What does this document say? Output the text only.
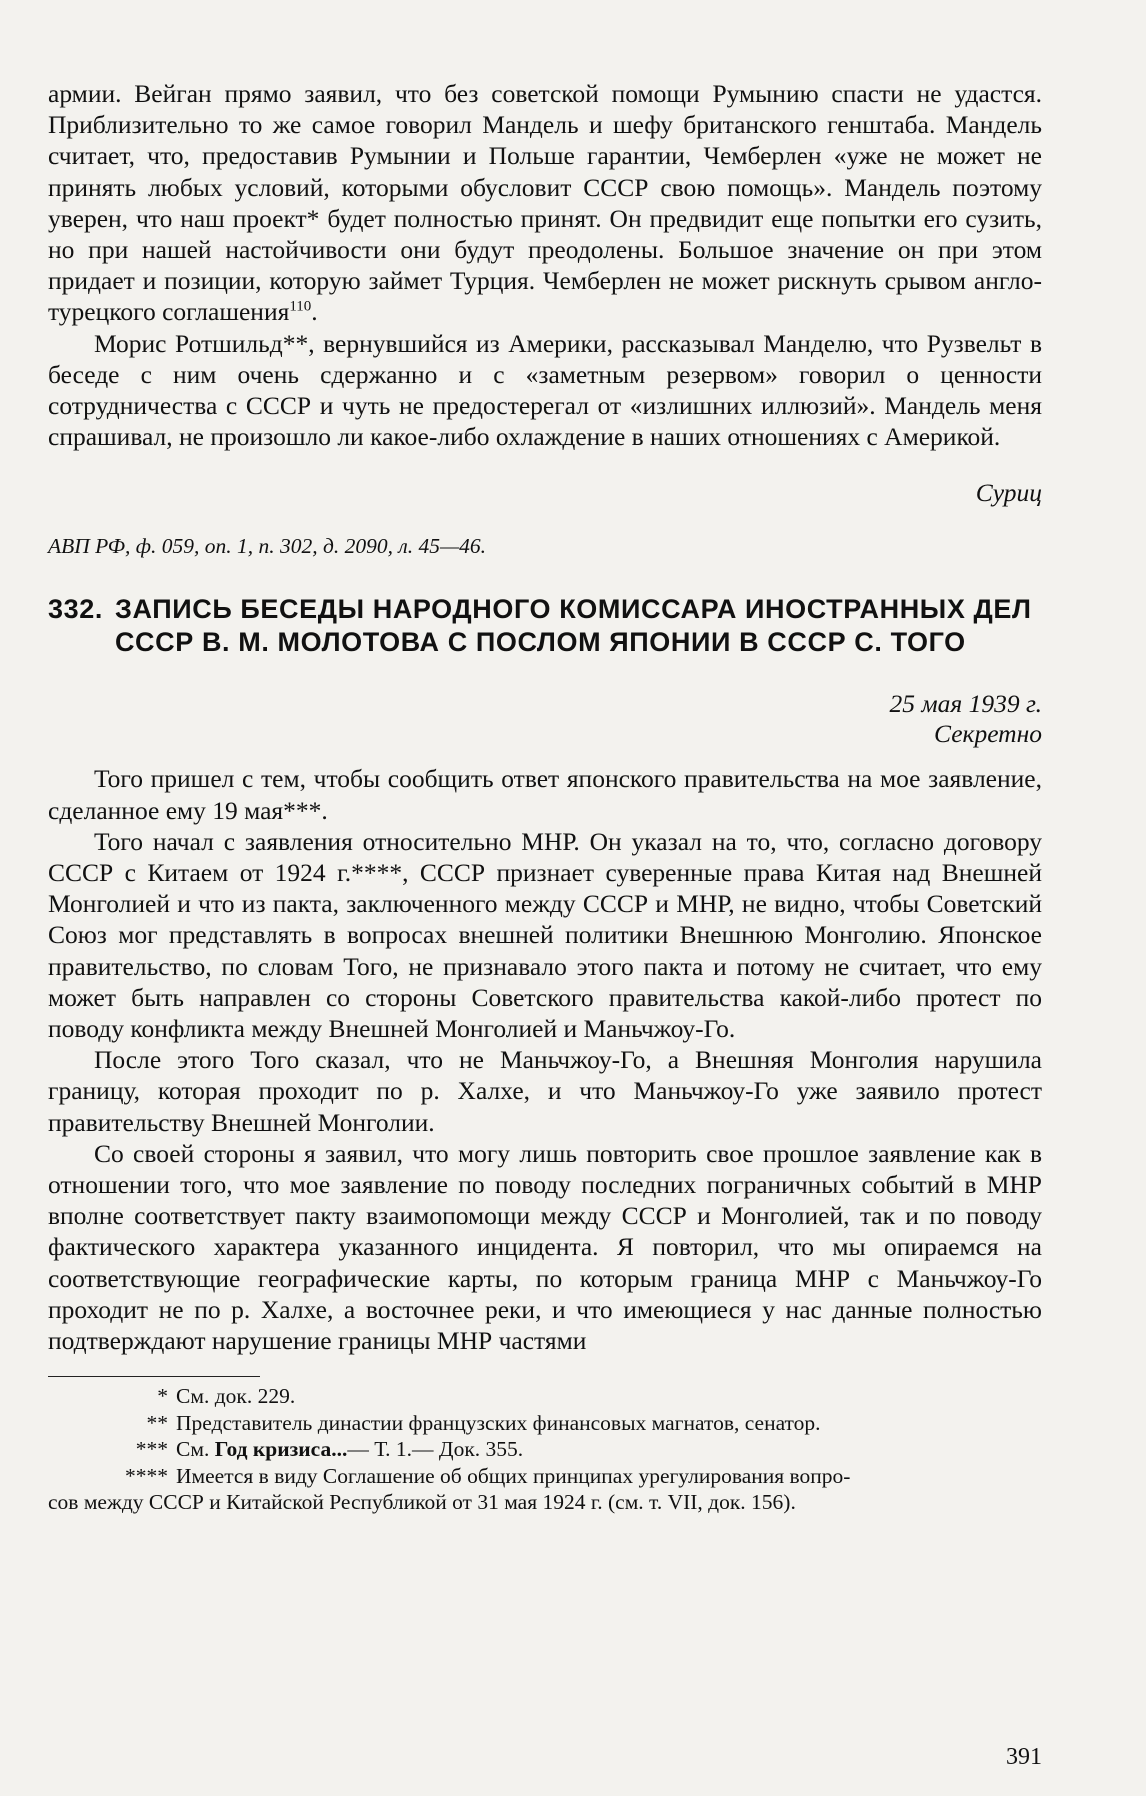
армии. Вейган прямо заявил, что без советской помощи Румынию спасти не удастся. Приблизительно то же самое говорил Мандель и шефу британского генштаба. Мандель считает, что, предоставив Румынии и Польше гарантии, Чемберлен «уже не может не принять любых условий, которыми обусловит СССР свою помощь». Мандель поэтому уверен, что наш проект* будет полностью принят. Он предвидит еще попытки его сузить, но при нашей настойчивости они будут преодолены. Большое значение он при этом придает и позиции, которую займет Турция. Чемберлен не может рискнуть срывом англо-турецкого соглашения$^{110}$.

Морис Ротшильд**, вернувшийся из Америки, рассказывал Манделю, что Рузвельт в беседе с ним очень сдержанно и с «заметным резервом» говорил о ценности сотрудничества с СССР и чуть не предостерегал от «излишних иллюзий». Мандель меня спрашивал, не произошло ли какое-либо охлаждение в наших отношениях с Америкой.

Суриц

АВП РФ, ф. 059, оп. 1, п. 302, д. 2090, л. 45—46.

332. ЗАПИСЬ БЕСЕДЫ НАРОДНОГО КОМИССАРА ИНОСТРАННЫХ ДЕЛ СССР В. М. МОЛОТОВА С ПОСЛОМ ЯПОНИИ В СССР С. ТОГО
25 мая 1939 г.
Секретно

Того пришел с тем, чтобы сообщить ответ японского правительства на мое заявление, сделанное ему 19 мая***.

Того начал с заявления относительно МНР. Он указал на то, что, согласно договору СССР с Китаем от 1924 г.****, СССР признает суверенные права Китая над Внешней Монголией и что из пакта, заключенного между СССР и МНР, не видно, чтобы Советский Союз мог представлять в вопросах внешней политики Внешнюю Монголию. Японское правительство, по словам Того, не признавало этого пакта и потому не считает, что ему может быть направлен со стороны Советского правительства какой-либо протест по поводу конфликта между Внешней Монголией и Маньчжоу-Го.

После этого Того сказал, что не Маньчжоу-Го, а Внешняя Монголия нарушила границу, которая проходит по р. Халхе, и что Маньчжоу-Го уже заявило протест правительству Внешней Монголии.

Со своей стороны я заявил, что могу лишь повторить свое прошлое заявление как в отношении того, что мое заявление по поводу последних пограничных событий в МНР вполне соответствует пакту взаимопомощи между СССР и Монголией, так и по поводу фактического характера указанного инцидента. Я повторил, что мы опираемся на соответствующие географические карты, по которым граница МНР с Маньчжоу-Го проходит не по р. Халхе, а восточнее реки, и что имеющиеся у нас данные полностью подтверждают нарушение границы МНР частями

* См. док. 229.
** Представитель династии французских финансовых магнатов, сенатор.
*** См. Год кризиса...— Т. 1.— Док. 355.
**** Имеется в виду Соглашение об общих принципах урегулирования вопро-
сов между СССР и Китайской Республикой от 31 мая 1924 г. (см. т. VII, док. 156).
391
